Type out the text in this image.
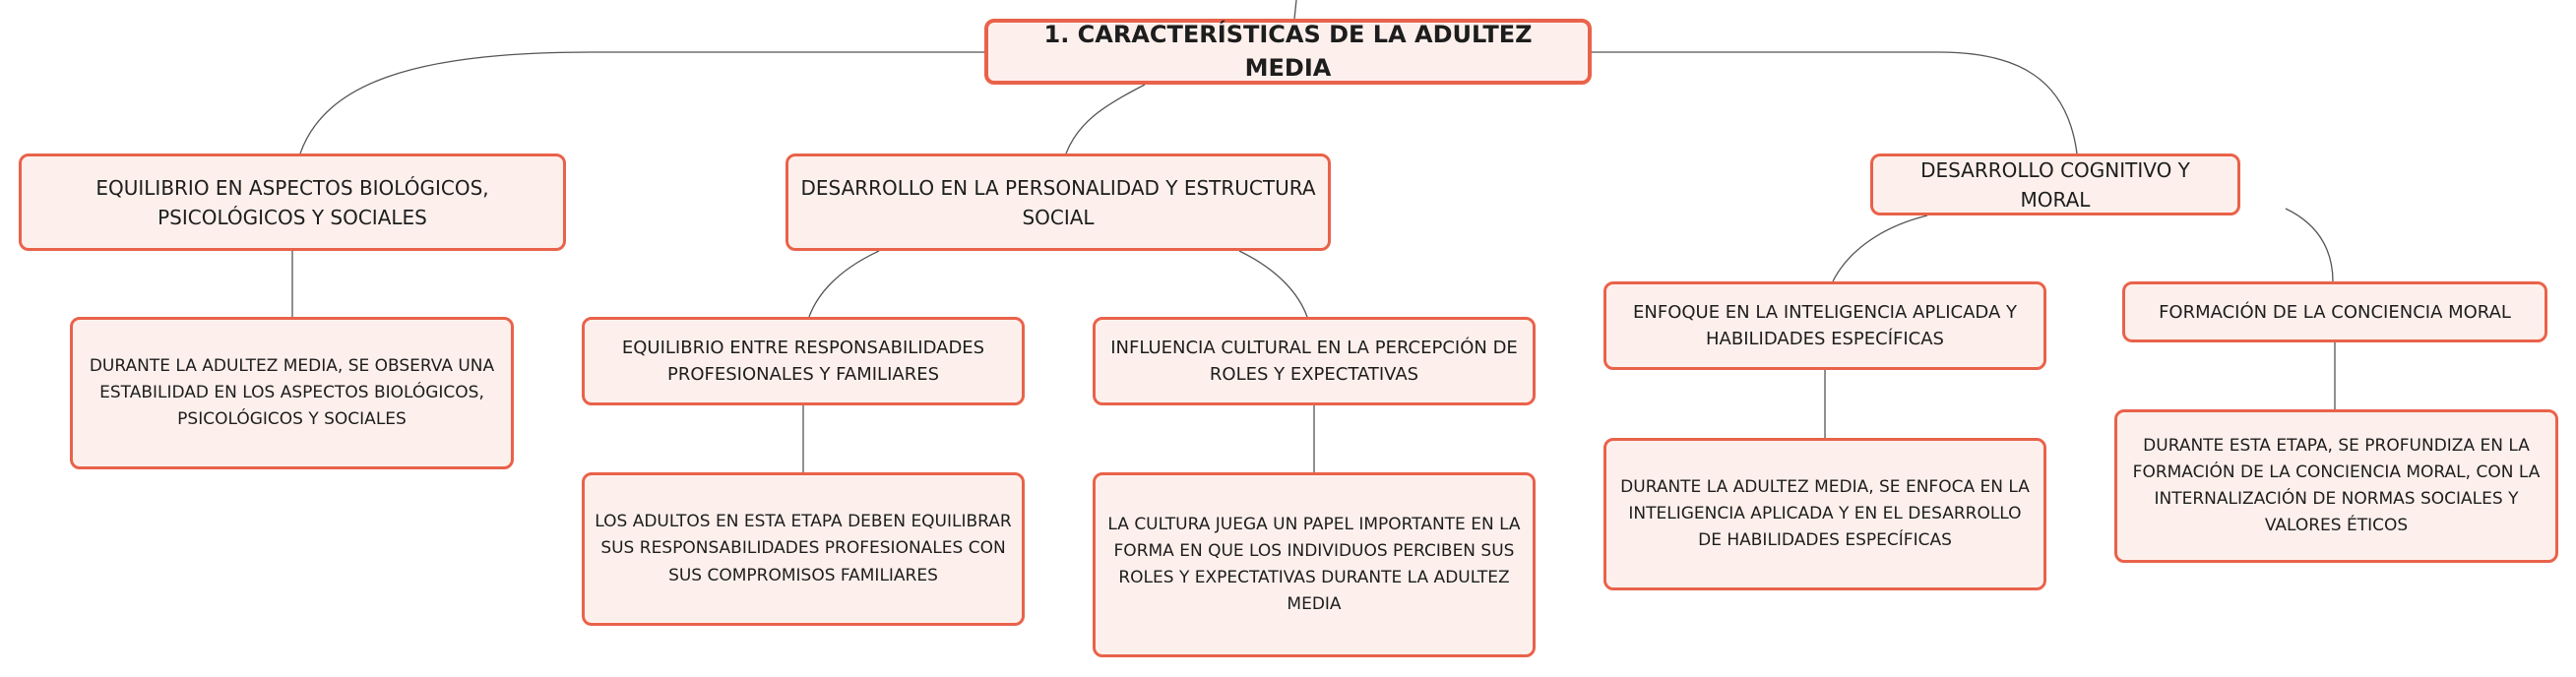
1. CARACTERÍSTICAS DE LA ADULTEZ MEDIA
EQUILIBRIO EN ASPECTOS BIOLÓGICOS, PSICOLÓGICOS Y SOCIALES
DESARROLLO EN LA PERSONALIDAD Y ESTRUCTURA SOCIAL
DESARROLLO COGNITIVO Y MORAL
EQUILIBRIO ENTRE RESPONSABILIDADES PROFESIONALES Y FAMILIARES
INFLUENCIA CULTURAL EN LA PERCEPCIÓN DE ROLES Y EXPECTATIVAS
ENFOQUE EN LA INTELIGENCIA APLICADA Y HABILIDADES ESPECÍFICAS
FORMACIÓN DE LA CONCIENCIA MORAL
DURANTE LA ADULTEZ MEDIA, SE OBSERVA UNA ESTABILIDAD EN LOS ASPECTOS BIOLÓGICOS, PSICOLÓGICOS Y SOCIALES
LOS ADULTOS EN ESTA ETAPA DEBEN EQUILIBRAR SUS RESPONSABILIDADES PROFESIONALES CON SUS COMPROMISOS FAMILIARES
LA CULTURA JUEGA UN PAPEL IMPORTANTE EN LA FORMA EN QUE LOS INDIVIDUOS PERCIBEN SUS ROLES Y EXPECTATIVAS DURANTE LA ADULTEZ MEDIA
DURANTE LA ADULTEZ MEDIA, SE ENFOCA EN LA INTELIGENCIA APLICADA Y EN EL DESARROLLO DE HABILIDADES ESPECÍFICAS
DURANTE ESTA ETAPA, SE PROFUNDIZA EN LA FORMACIÓN DE LA CONCIENCIA MORAL, CON LA INTERNALIZACIÓN DE NORMAS SOCIALES Y VALORES ÉTICOS
